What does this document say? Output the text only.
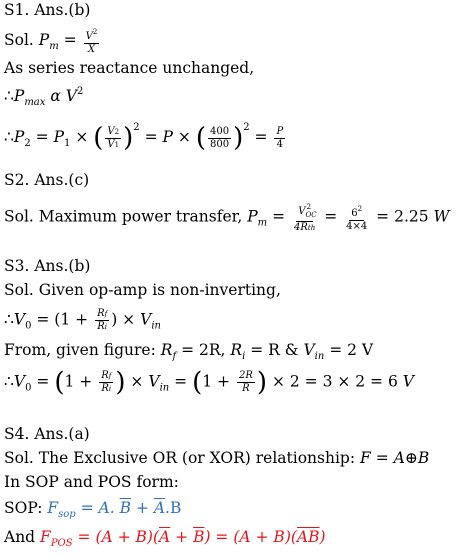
S1. Ans.(b)
Sol. $P_m = \frac{V^2}{X}$
As series reactance unchanged,
$\therefore P_{max}$ α $V^2$
$\therefore P_2 = P_1$ × ( $\frac{V2}{V1} )^2 = P$ × ( $\frac{400}{800} )^2 = \frac{P}{4}$
S2. Ans.(c)
Sol. Maximum power transfer, $P_m = \frac{V_{OC}^2}{\text{4Rth}} = \frac{6^2}{4\times 4} = 2.25$ W
S3. Ans.(b)
Sol. Given op-amp is non-inverting,
$\therefore V_0 = (1 + \frac{Rf}{Ri}$ ) × $V_{in}$
From, given figure: $R_f = 2R$, $R_i = R$ & $V_{in} = 2$ V
$\therefore V_0 = (1 + \frac{Rf}{Ri}$ ) × $V_{in} = (1 + \frac{2R}{R}$ ) × 2 = 3 × 2 = 6 V
S4. Ans.(a)
Sol. The Exclusive OR (or XOR) relationship: F = A⊕B
In SOP and POS form:
SOP: $F_{sop} = A$. $\overline{B} + \overline{A}.B$
And $F_{POS} = (A + B)(\overline{A} + \overline{B}) = (A + B)(\overline{AB})$
